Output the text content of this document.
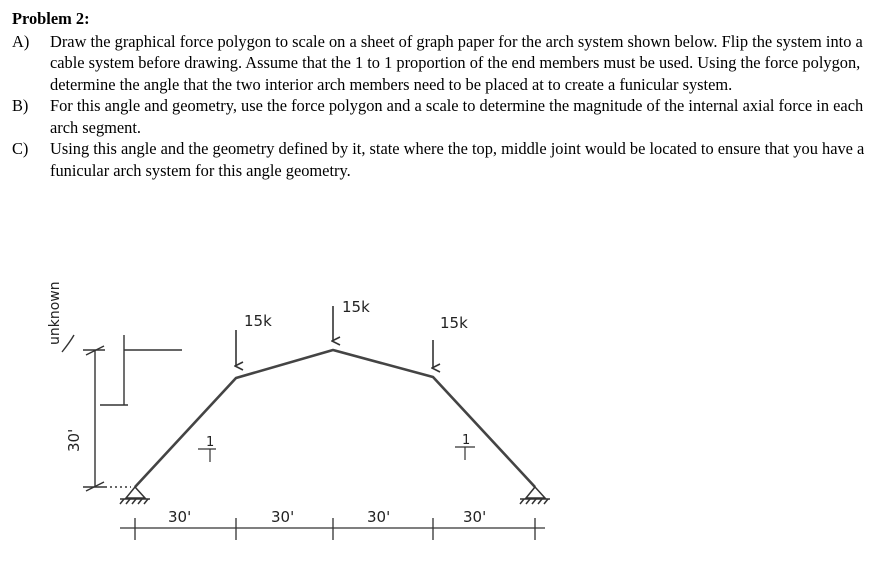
Problem 2:
A) Draw the graphical force polygon to scale on a sheet of graph paper for the arch system shown below. Flip the system into a cable system before drawing. Assume that the 1 to 1 proportion of the end members must be used. Using the force polygon, determine the angle that the two interior arch members need to be placed at to create a funicular system.
B) For this angle and geometry, use the force polygon and a scale to determine the magnitude of the internal axial force in each arch segment.
C) Using this angle and the geometry defined by it, state where the top, middle joint would be located to ensure that you have a funicular arch system for this angle geometry.
15k
15k
15k
1	1
30'
unknown
30'	30'	30'	30'
